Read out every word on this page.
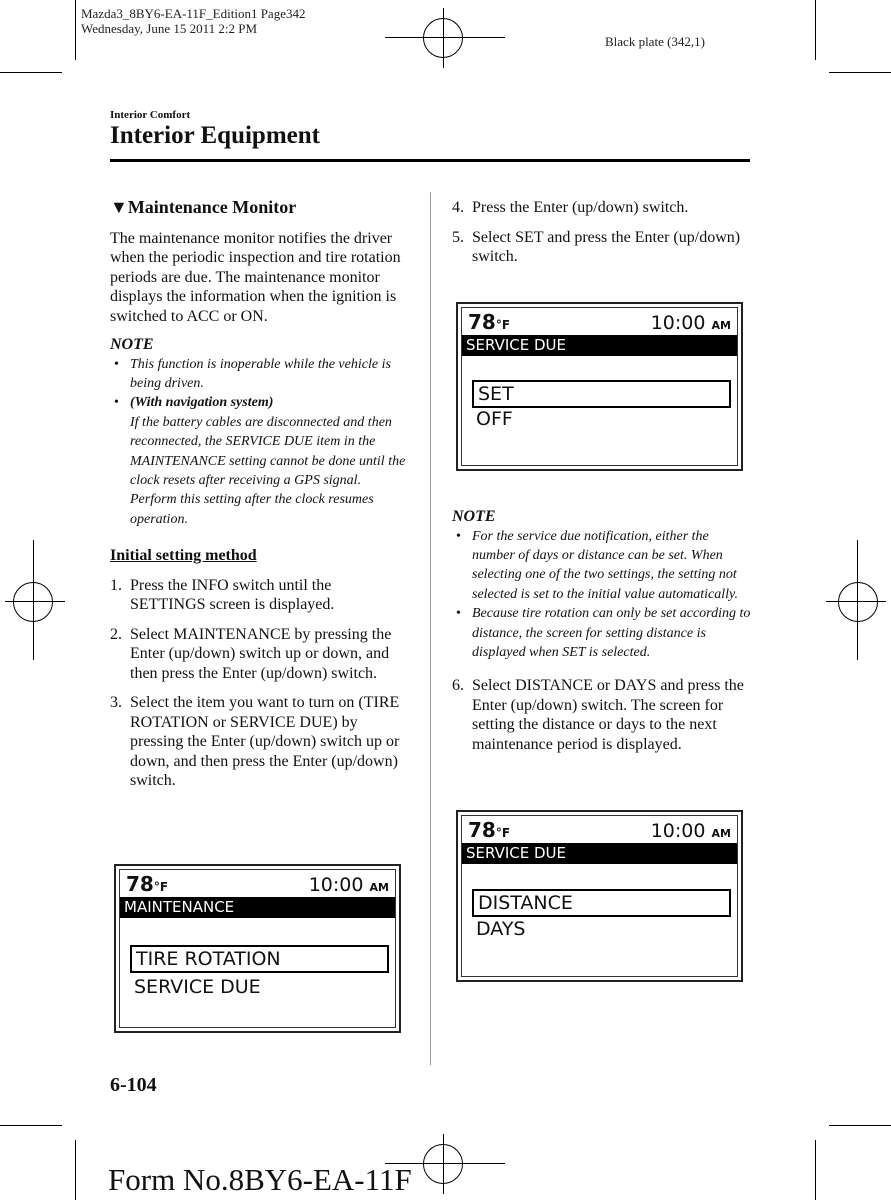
Mazda3_8BY6-EA-11F_Edition1 Page342
Wednesday, June 15 2011 2:2 PM
Black plate (342,1)
Interior Comfort
Interior Equipment
▼Maintenance Monitor

The maintenance monitor notifies the driver when the periodic inspection and tire rotation periods are due. The maintenance monitor displays the information when the ignition is switched to ACC or ON.

NOTE
• This function is inoperable while the vehicle is being driven.
• (With navigation system)
If the battery cables are disconnected and then reconnected, the SERVICE DUE item in the MAINTENANCE setting cannot be done until the clock resets after receiving a GPS signal. Perform this setting after the clock resumes operation.
Initial setting method
1. Press the INFO switch until the SETTINGS screen is displayed.
2. Select MAINTENANCE by pressing the Enter (up/down) switch up or down, and then press the Enter (up/down) switch.
3. Select the item you want to turn on (TIRE ROTATION or SERVICE DUE) by pressing the Enter (up/down) switch up or down, and then press the Enter (up/down) switch.
4. Press the Enter (up/down) switch.
5. Select SET and press the Enter (up/down) switch.
NOTE
• For the service due notification, either the number of days or distance can be set. When selecting one of the two settings, the setting not selected is set to the initial value automatically.
• Because tire rotation can only be set according to distance, the screen for setting distance is displayed when SET is selected.
6. Select DISTANCE or DAYS and press the Enter (up/down) switch. The screen for setting the distance or days to the next maintenance period is displayed.
78°F	10:00 AM
MAINTENANCE
TIRE ROTATION
SERVICE DUE
78°F	10:00 AM
SERVICE DUE
SET
OFF
78°F	10:00 AM
SERVICE DUE
DISTANCE
DAYS
6-104
Form No.8BY6-EA-11F
